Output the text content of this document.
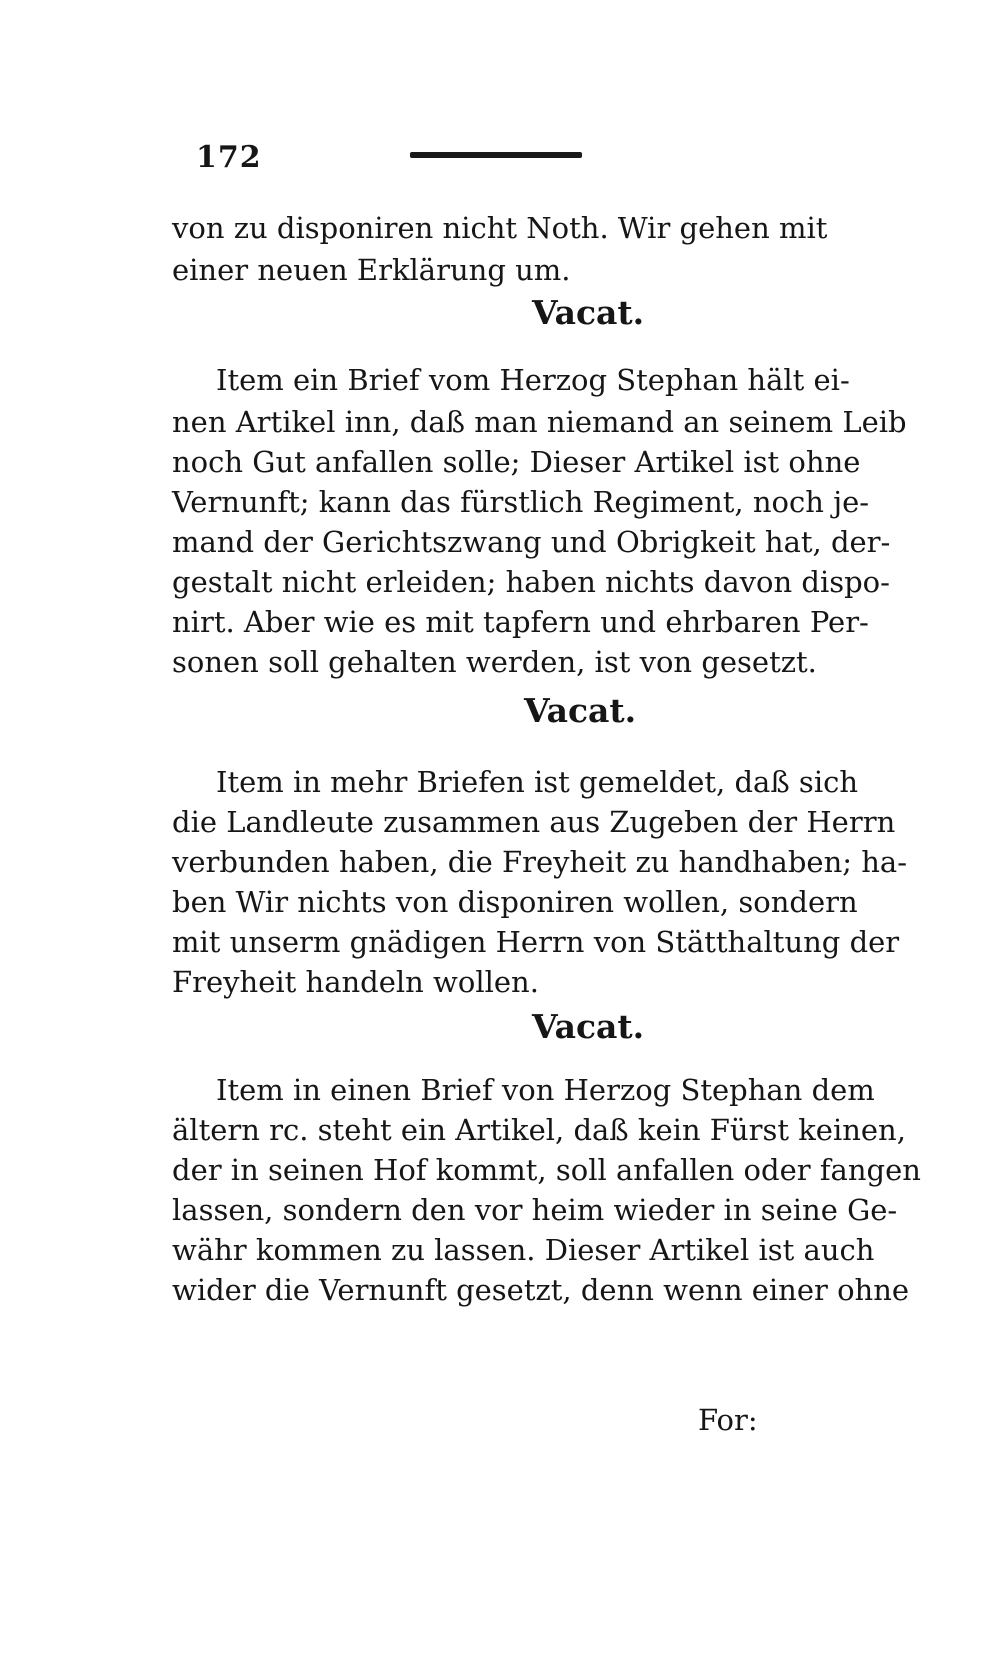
172
von zu disponiren nicht Noth. Wir gehen mit
einer neuen Erklärung um.
Vacat.
Item ein Brief vom Herzog Stephan hält ei-
nen Artikel inn, daß man niemand an seinem Leib
noch Gut anfallen solle; Dieser Artikel ist ohne
Vernunft; kann das fürstlich Regiment, noch je-
mand der Gerichtszwang und Obrigkeit hat, der-
gestalt nicht erleiden; haben nichts davon dispo-
nirt. Aber wie es mit tapfern und ehrbaren Per-
sonen soll gehalten werden, ist von gesetzt.
Vacat.
Item in mehr Briefen ist gemeldet, daß sich
die Landleute zusammen aus Zugeben der Herrn
verbunden haben, die Freyheit zu handhaben; ha-
ben Wir nichts von disponiren wollen, sondern
mit unserm gnädigen Herrn von Stätthaltung der
Freyheit handeln wollen.
Vacat.
Item in einen Brief von Herzog Stephan dem
ältern rc. steht ein Artikel, daß kein Fürst keinen,
der in seinen Hof kommt, soll anfallen oder fangen
lassen, sondern den vor heim wieder in seine Ge-
währ kommen zu lassen. Dieser Artikel ist auch
wider die Vernunft gesetzt, denn wenn einer ohne
For:
